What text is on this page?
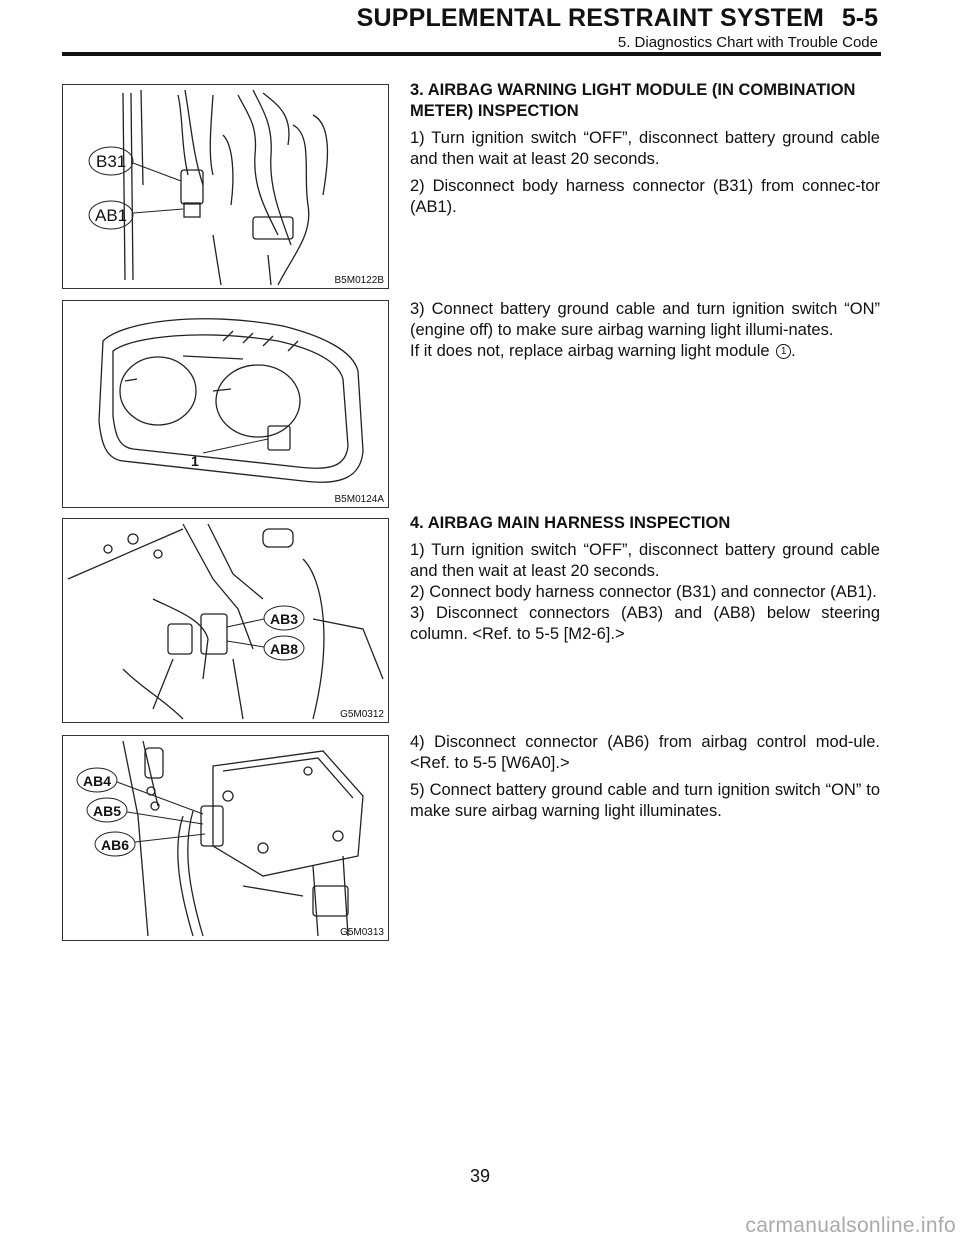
SUPPLEMENTAL RESTRAINT SYSTEM 5-5
5. Diagnostics Chart with Trouble Code
B31
AB1
B5M0122B
1
B5M0124A
AB3
AB8
G5M0312
AB4
AB5
AB6
G5M0313

3. AIRBAG WARNING LIGHT MODULE (IN COMBINATION METER) INSPECTION

1) Turn ignition switch “OFF”, disconnect battery ground cable and then wait at least 20 seconds.

2) Disconnect body harness connector (B31) from connec-tor (AB1).

3) Connect battery ground cable and turn ignition switch “ON” (engine off) to make sure airbag warning light illumi-nates.

If it does not, replace airbag warning light module 1 .

4. AIRBAG MAIN HARNESS INSPECTION

1) Turn ignition switch “OFF”, disconnect battery ground cable and then wait at least 20 seconds.

2) Connect body harness connector (B31) and connector (AB1).

3) Disconnect connectors (AB3) and (AB8) below steering column. <Ref. to 5-5 [M2-6].>

4) Disconnect connector (AB6) from airbag control mod-ule. <Ref. to 5-5 [W6A0].>

5) Connect battery ground cable and turn ignition switch “ON” to make sure airbag warning light illuminates.

39
carmanualsonline.info
